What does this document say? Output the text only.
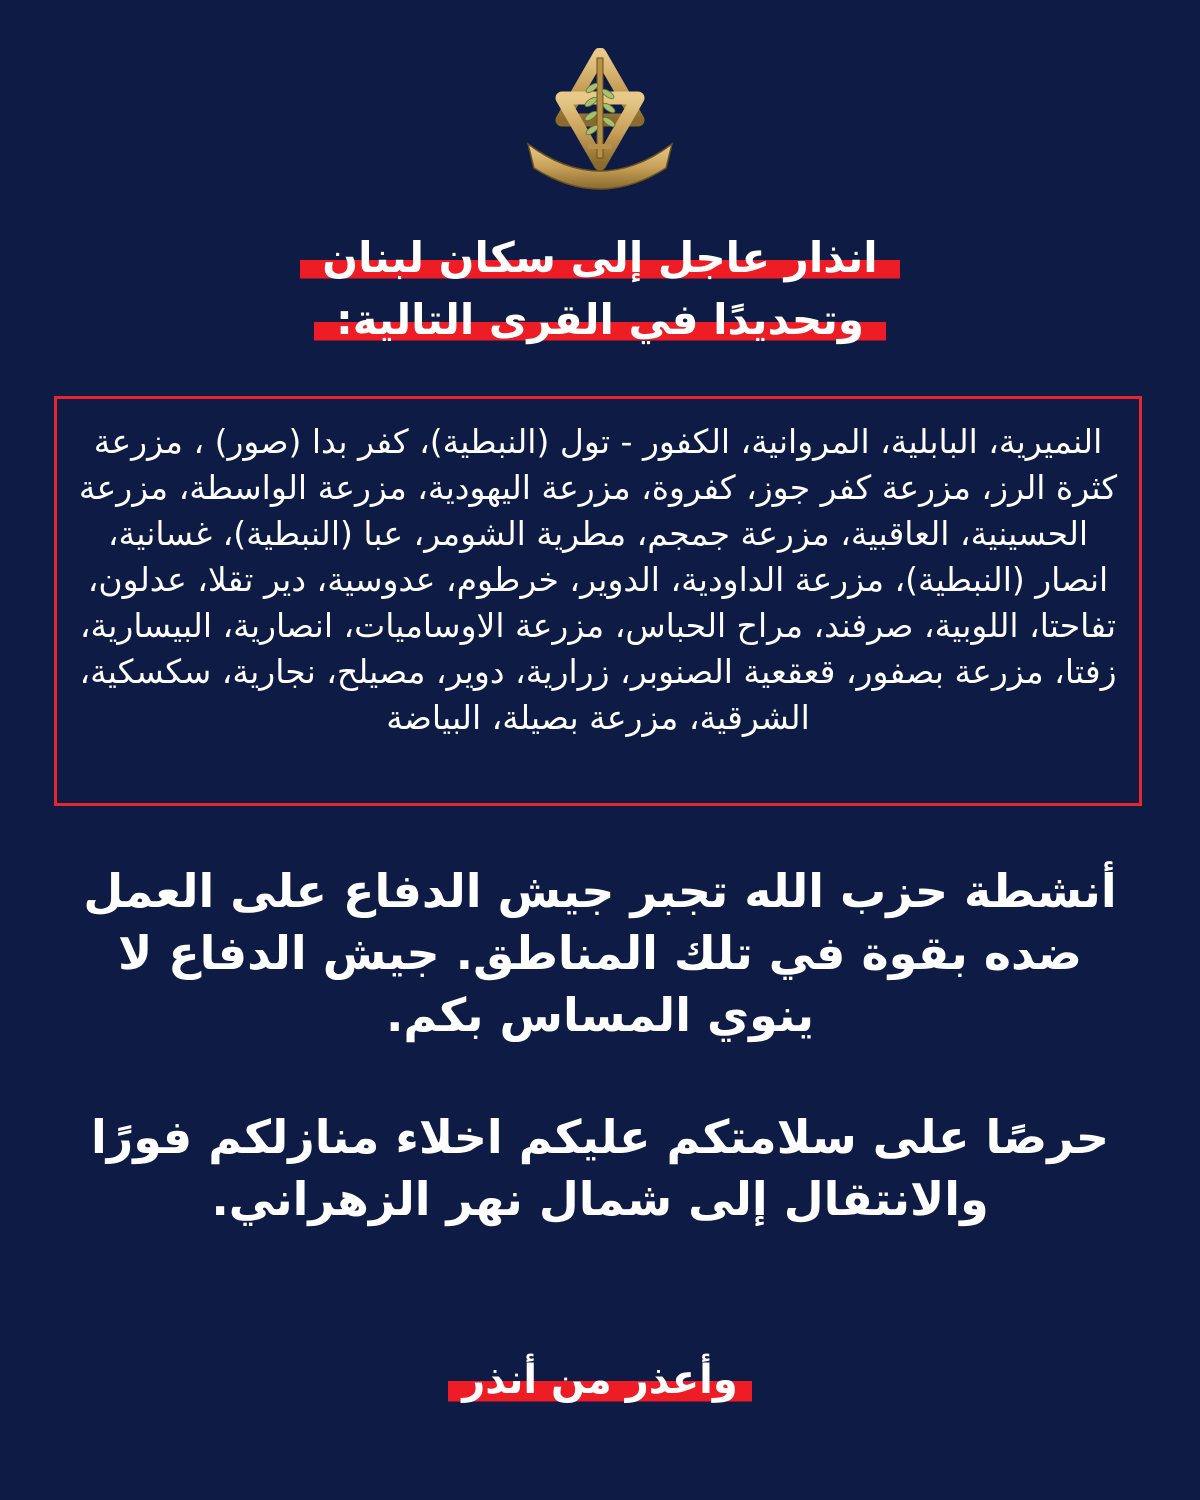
انذار عاجل إلى سكان لبنان
وتحديدًا في القرى التالية:
النميرية، البابلية، المروانية، الكفور - تول (النبطية)، كفر بدا (صور) ، مزرعة كثرة الرز، مزرعة كفر جوز، كفروة، مزرعة اليهودية، مزرعة الواسطة، مزرعة الحسينية، العاقبية، مزرعة جمجم، مطرية الشومر، عبا (النبطية)، غسانية، انصار (النبطية)، مزرعة الداودية، الدوير، خرطوم، عدوسية، دير تقلا، عدلون، تفاحتا، اللوبية، صرفند، مراح الحباس، مزرعة الاوساميات، انصارية، البيسارية، زفتا، مزرعة بصفور، قعقعية الصنوبر، زرارية، دوير، مصيلح، نجارية، سكسكية، الشرقية، مزرعة بصيلة، البياضة
أنشطة حزب الله تجبر جيش الدفاع على العمل ضده بقوة في تلك المناطق. جيش الدفاع لا ينوي المساس بكم.
حرصًا على سلامتكم عليكم اخلاء منازلكم فورًا والانتقال إلى شمال نهر الزهراني.
وأعذر من أنذر
